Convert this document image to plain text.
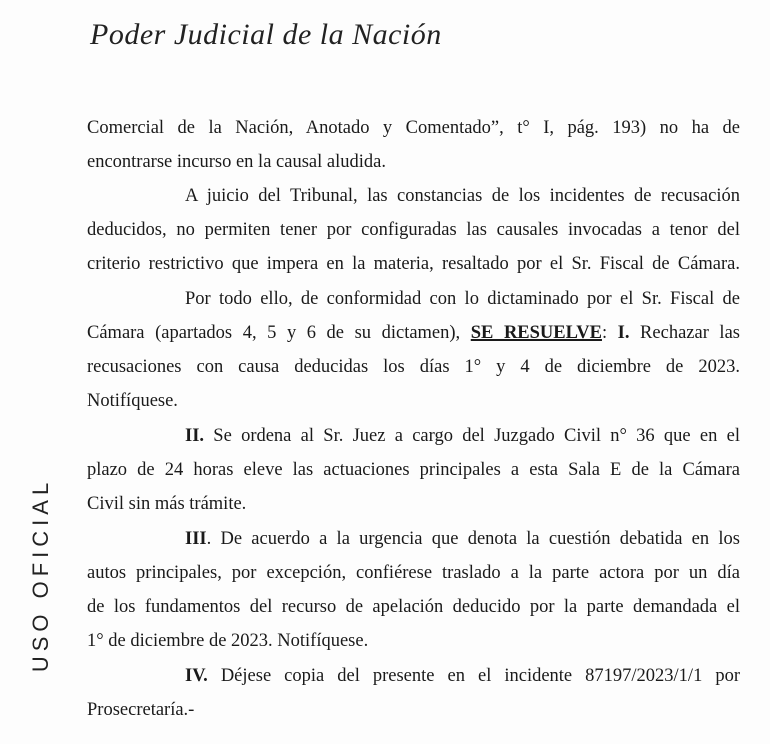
Poder Judicial de la Nación
USO OFICIAL
Comercial de la Nación, Anotado y Comentado”, t° I, pág. 193) no ha de
encontrarse incurso en la causal aludida.
A juicio del Tribunal, las constancias de los incidentes de recusación
deducidos, no permiten tener por configuradas las causales invocadas a tenor del
criterio restrictivo que impera en la materia, resaltado por el Sr. Fiscal de Cámara.
Por todo ello, de conformidad con lo dictaminado por el Sr. Fiscal de
Cámara (apartados 4, 5 y 6 de su dictamen), SE RESUELVE: I. Rechazar las
recusaciones con causa deducidas los días 1° y 4 de diciembre de 2023.
Notifíquese.
II. Se ordena al Sr. Juez a cargo del Juzgado Civil n° 36 que en el
plazo de 24 horas eleve las actuaciones principales a esta Sala E de la Cámara
Civil sin más trámite.
III. De acuerdo a la urgencia que denota la cuestión debatida en los
autos principales, por excepción, confiérese traslado a la parte actora por un día
de los fundamentos del recurso de apelación deducido por la parte demandada el
1° de diciembre de 2023. Notifíquese.
IV. Déjese copia del presente en el incidente 87197/2023/1/1 por
Prosecretaría.-
